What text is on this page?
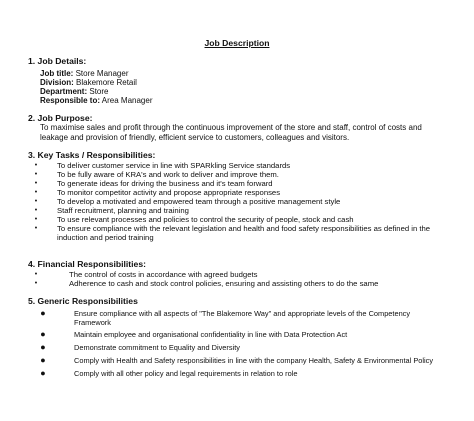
Job Description
1. Job Details:
Job title: Store Manager
Division: Blakemore Retail
Department: Store
Responsible to: Area Manager
2. Job Purpose:
To maximise sales and profit through the continuous improvement of the store and staff, control of costs and leakage and provision of friendly, efficient service to customers, colleagues and visitors.
3. Key Tasks / Responsibilities:
•	To deliver customer service in line with SPARkling Service standards
•	To be fully aware of KRA's and work to deliver and improve them.
•	To generate ideas for driving the business and it's team forward
•	To monitor competitor activity and propose appropriate responses
•	To develop a motivated and empowered team through a positive management style
•	Staff recruitment, planning and training
•	To use relevant processes and policies to control the security of people, stock and cash
•	To ensure compliance with the relevant legislation and health and food safety responsibilities as defined in the induction and period training
4. Financial Responsibilities:
•	The control of costs in accordance with agreed budgets
•	Adherence to cash and stock control policies, ensuring and assisting others to do the same
5. Generic Responsibilities
●	Ensure compliance with all aspects of "The Blakemore Way" and appropriate levels of the Competency Framework
●	Maintain employee and organisational confidentiality in line with Data Protection Act
●	Demonstrate commitment to Equality and Diversity
●	Comply with Health and Safety responsibilities in line with the company Health, Safety & Environmental Policy
●	Comply with all other policy and legal requirements in relation to role
